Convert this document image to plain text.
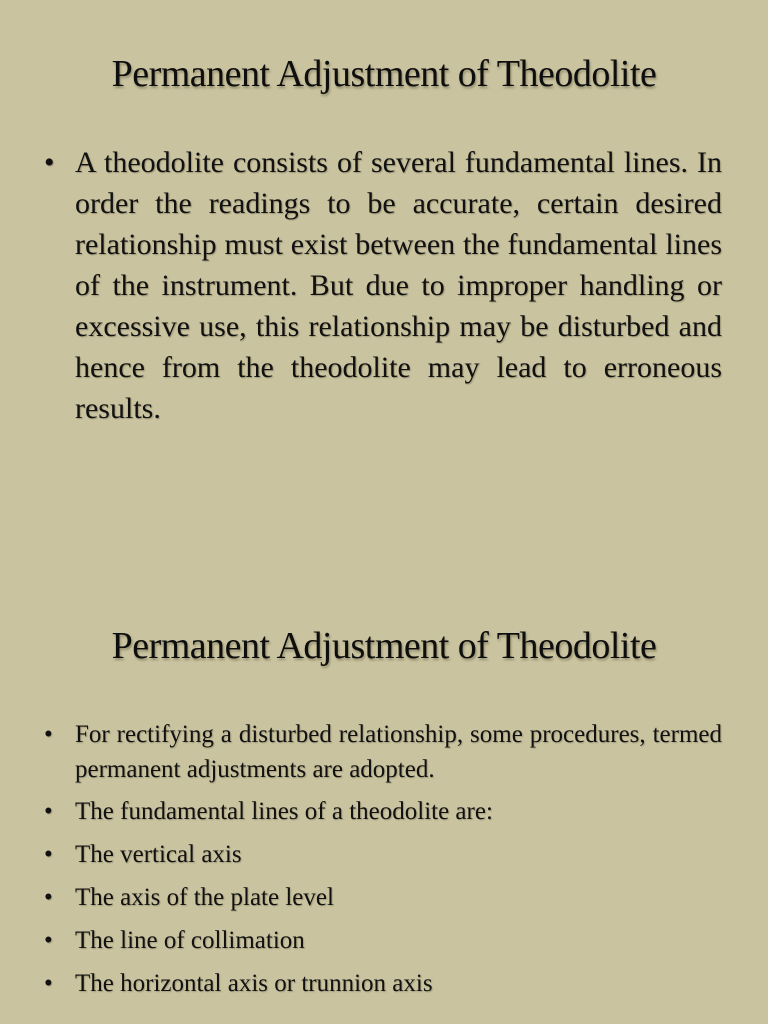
Permanent Adjustment of Theodolite
• A theodolite consists of several fundamental lines. In order the readings to be accurate, certain desired relationship must exist between the fundamental lines of the instrument. But due to improper handling or excessive use, this relationship may be disturbed and hence from the theodolite may lead to erroneous results.
Permanent Adjustment of Theodolite
• For rectifying a disturbed relationship, some procedures, termed permanent adjustments are adopted.
• The fundamental lines of a theodolite are:
• The vertical axis
• The axis of the plate level
• The line of collimation
• The horizontal axis or trunnion axis
